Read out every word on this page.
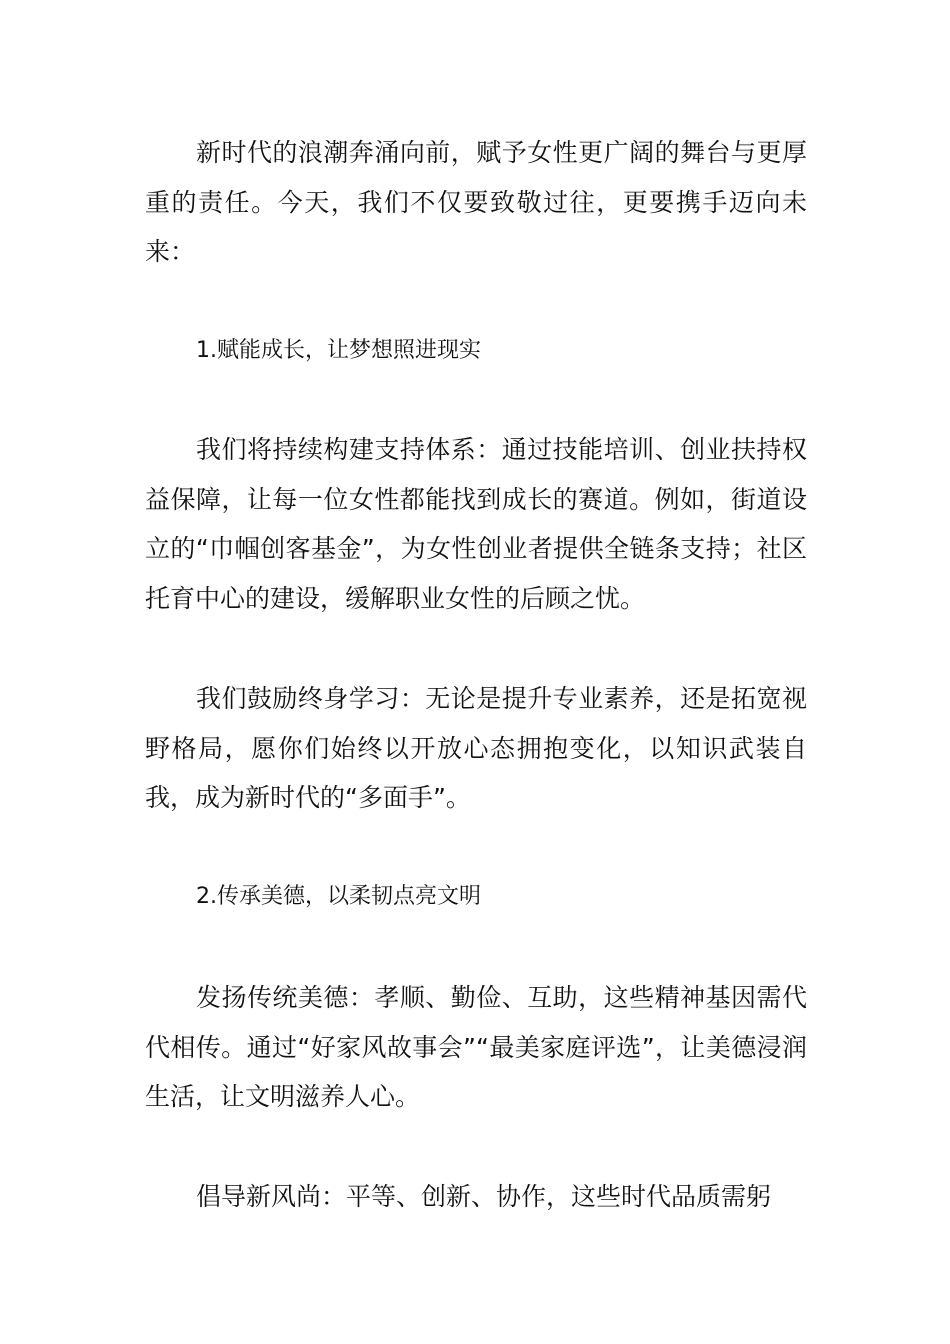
新时代的浪潮奔涌向前，赋予女性更广阔的舞台与更厚重的责任。今天，我们不仅要致敬过往，更要携手迈向未来：

1.赋能成长，让梦想照进现实

我们将持续构建支持体系：通过技能培训、创业扶持权益保障，让每一位女性都能找到成长的赛道。例如，街道设立的“巾帼创客基金”，为女性创业者提供全链条支持；社区托育中心的建设，缓解职业女性的后顾之忧。

我们鼓励终身学习：无论是提升专业素养，还是拓宽视野格局，愿你们始终以开放心态拥抱变化，以知识武装自我，成为新时代的“多面手”。

2.传承美德，以柔韧点亮文明

发扬传统美德：孝顺、勤俭、互助，这些精神基因需代代相传。通过“好家风故事会”“最美家庭评选”，让美德浸润生活，让文明滋养人心。

倡导新风尚：平等、创新、协作，这些时代品质需躬
